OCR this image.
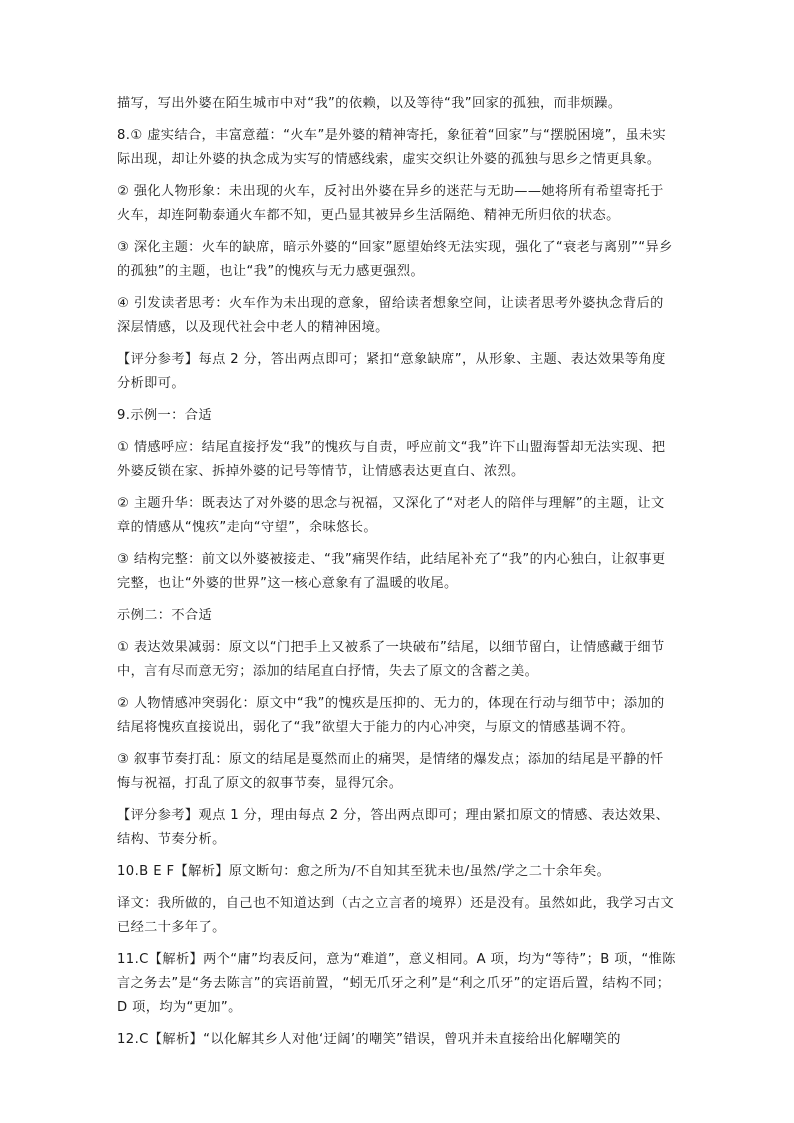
描写，写出外婆在陌生城市中对“我”的依赖，以及等待“我”回家的孤独，而非烦躁。

8.① 虚实结合，丰富意蕴：“火车”是外婆的精神寄托，象征着“回家”与“摆脱困境”，虽未实际出现，却让外婆的执念成为实写的情感线索，虚实交织让外婆的孤独与思乡之情更具象。

② 强化人物形象：未出现的火车，反衬出外婆在异乡的迷茫与无助——她将所有希望寄托于火车，却连阿勒泰通火车都不知，更凸显其被异乡生活隔绝、精神无所归依的状态。

③ 深化主题：火车的缺席，暗示外婆的“回家”愿望始终无法实现，强化了“衰老与离别”“异乡的孤独”的主题，也让“我”的愧疚与无力感更强烈。

④ 引发读者思考：火车作为未出现的意象，留给读者想象空间，让读者思考外婆执念背后的深层情感，以及现代社会中老人的精神困境。

【评分参考】每点 2 分，答出两点即可；紧扣“意象缺席”，从形象、主题、表达效果等角度分析即可。

9.示例一：合适

① 情感呼应：结尾直接抒发“我”的愧疚与自责，呼应前文“我”许下山盟海誓却无法实现、把外婆反锁在家、拆掉外婆的记号等情节，让情感表达更直白、浓烈。

② 主题升华：既表达了对外婆的思念与祝福，又深化了“对老人的陪伴与理解”的主题，让文章的情感从“愧疚”走向“守望”，余味悠长。

③ 结构完整：前文以外婆被接走、“我”痛哭作结，此结尾补充了“我”的内心独白，让叙事更完整，也让“外婆的世界”这一核心意象有了温暖的收尾。

示例二：不合适

① 表达效果减弱：原文以“门把手上又被系了一块破布”结尾，以细节留白，让情感藏于细节中，言有尽而意无穷；添加的结尾直白抒情，失去了原文的含蓄之美。

② 人物情感冲突弱化：原文中“我”的愧疚是压抑的、无力的，体现在行动与细节中；添加的结尾将愧疚直接说出，弱化了“我”欲望大于能力的内心冲突，与原文的情感基调不符。

③ 叙事节奏打乱：原文的结尾是戛然而止的痛哭，是情绪的爆发点；添加的结尾是平静的忏悔与祝福，打乱了原文的叙事节奏，显得冗余。

【评分参考】观点 1 分，理由每点 2 分，答出两点即可；理由紧扣原文的情感、表达效果、结构、节奏分析。

10.B E F【解析】原文断句：愈之所为/不自知其至犹未也/虽然/学之二十余年矣。

译文：我所做的，自己也不知道达到（古之立言者的境界）还是没有。虽然如此，我学习古文已经二十多年了。

11.C【解析】两个“庸”均表反问，意为“难道”，意义相同。A 项，均为“等待”；B 项，“惟陈言之务去”是“务去陈言”的宾语前置，“蚓无爪牙之利”是“利之爪牙”的定语后置，结构不同；D 项，均为“更加”。

12.C【解析】“以化解其乡人对他‘迂阔’的嘲笑”错误，曾巩并未直接给出化解嘲笑的
